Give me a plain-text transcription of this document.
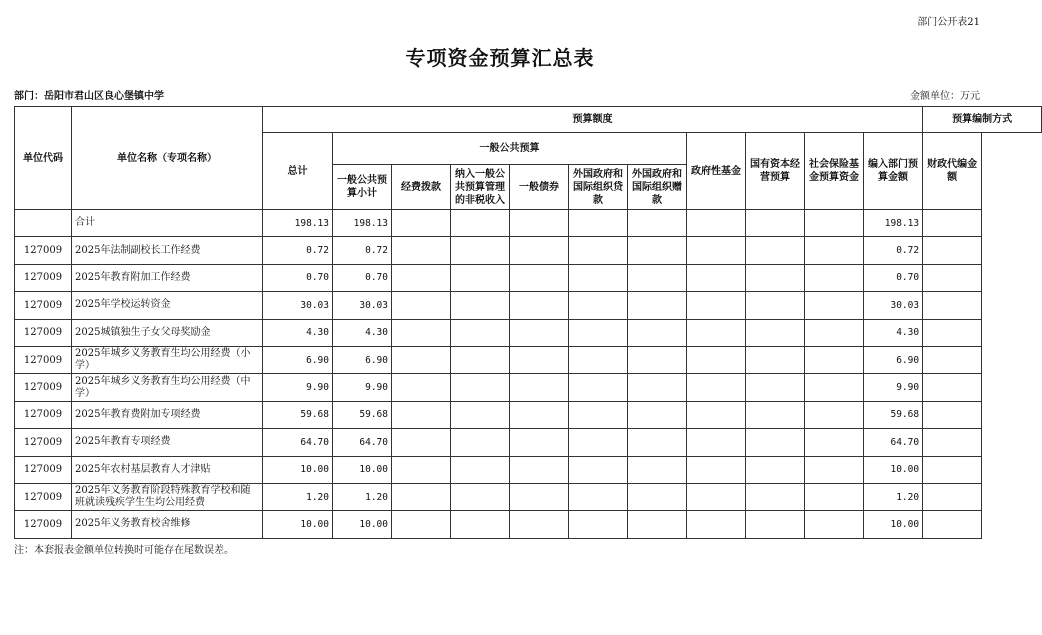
部门公开表21
专项资金预算汇总表
部门：岳阳市君山区良心堡镇中学	金额单位：万元
单位代码	单位名称（专项名称）	预算额度											预算编制方式
		总计	一般公共预算						政府性基金	国有资本经营预算	社会保险基金预算资金	编入部门预算金额	财政代编金额
			一般公共预算小计	经费拨款	纳入一般公共预算管理的非税收入	一般债券	外国政府和国际组织贷款	外国政府和国际组织赠款					
	合计	198.13	198.13									198.13	
127009	2025年法制副校长工作经费	0.72	0.72									0.72	
127009	2025年教育附加工作经费	0.70	0.70									0.70	
127009	2025年学校运转资金	30.03	30.03									30.03	
127009	2025城镇独生子女父母奖励金	4.30	4.30									4.30	
127009	2025年城乡义务教育生均公用经费（小学）	6.90	6.90									6.90	
127009	2025年城乡义务教育生均公用经费（中学）	9.90	9.90									9.90	
127009	2025年教育费附加专项经费	59.68	59.68									59.68	
127009	2025年教育专项经费	64.70	64.70									64.70	
127009	2025年农村基层教育人才津贴	10.00	10.00									10.00	
127009	2025年义务教育阶段特殊教育学校和随班就读残疾学生生均公用经费	1.20	1.20									1.20	
127009	2025年义务教育校舍维修	10.00	10.00									10.00	
注：本套报表金额单位转换时可能存在尾数误差。
